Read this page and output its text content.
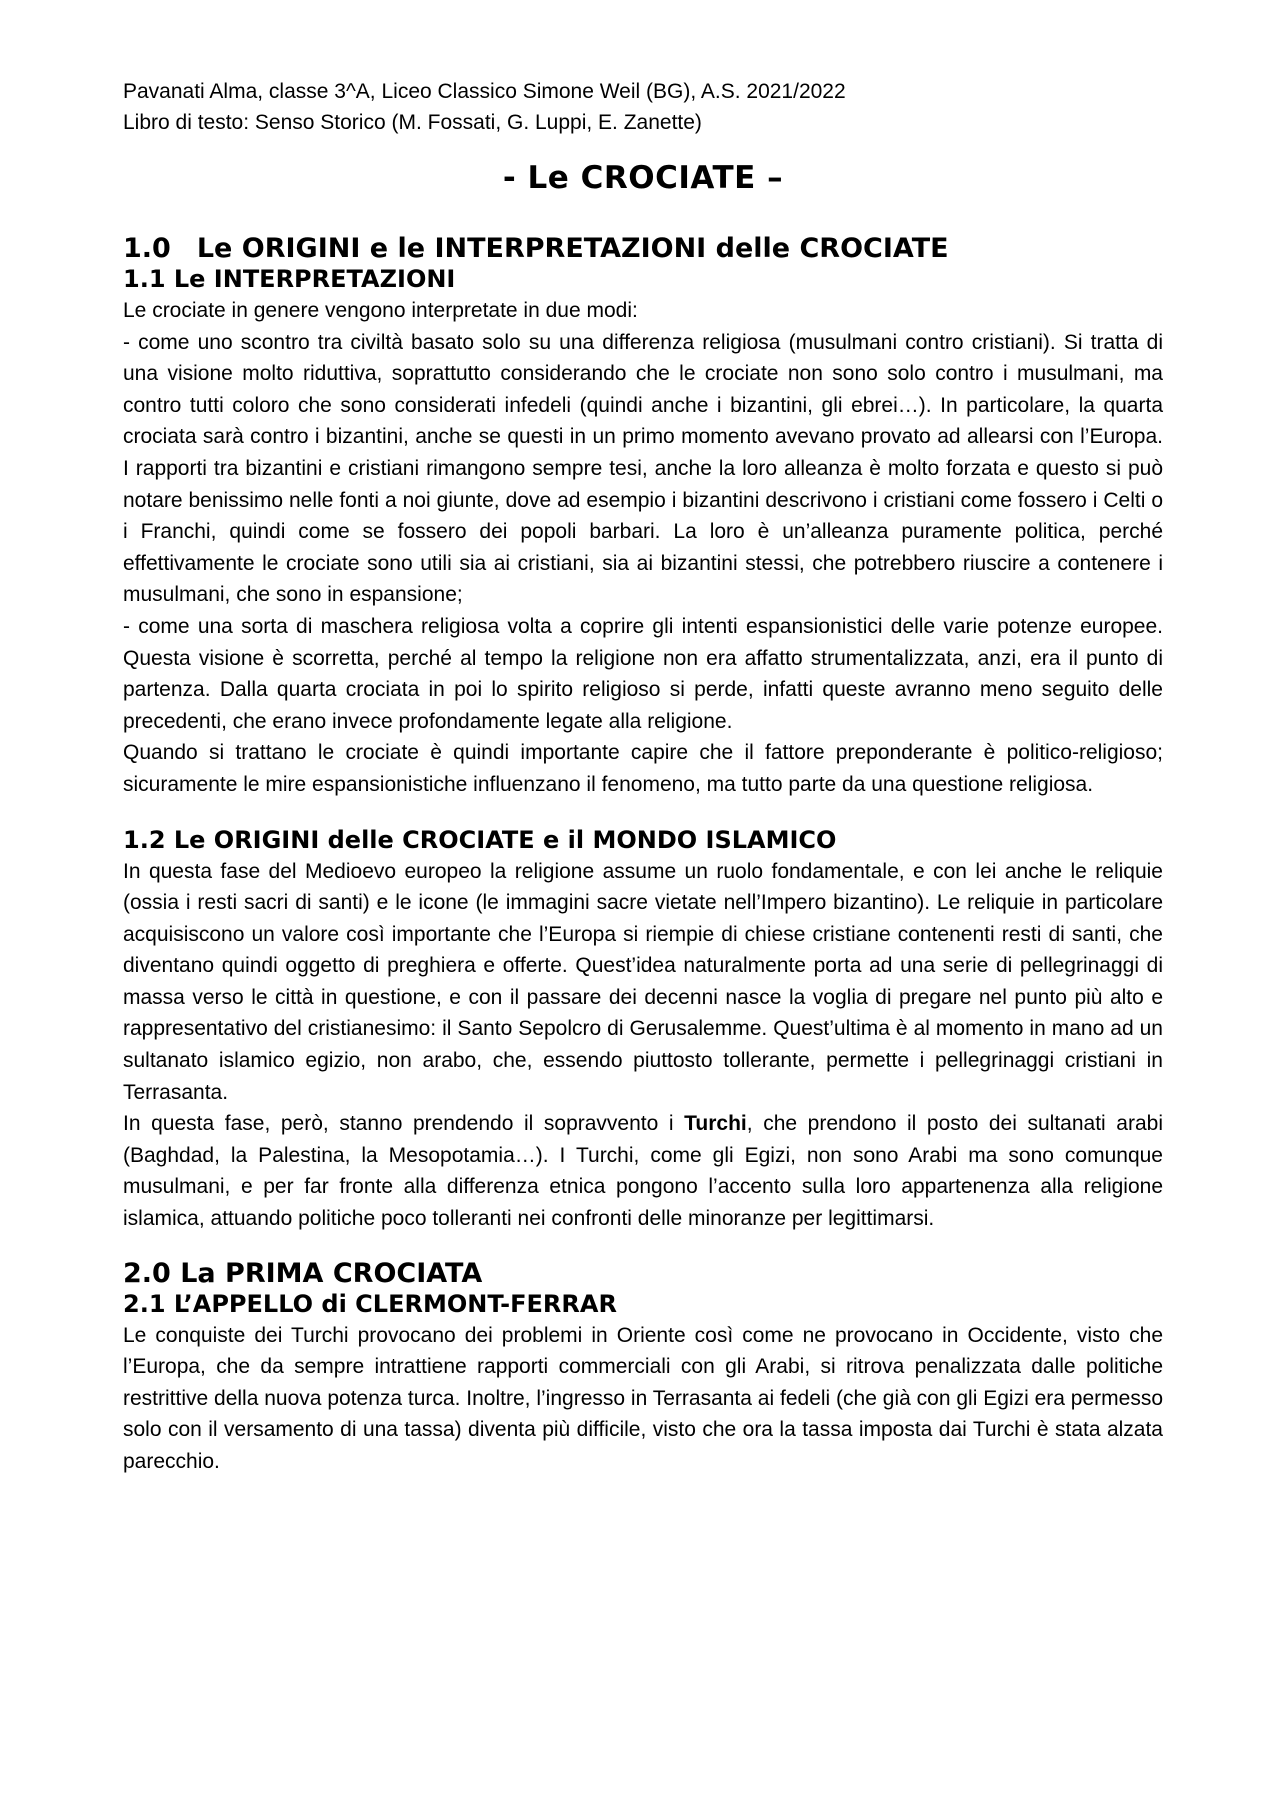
Pavanati Alma, classe 3^A, Liceo Classico Simone Weil (BG), A.S. 2021/2022

Libro di testo: Senso Storico (M. Fossati, G. Luppi, E. Zanette)

- Le CROCIATE –
1.0 Le ORIGINI e le INTERPRETAZIONI delle CROCIATE
1.1 Le INTERPRETAZIONI

Le crociate in genere vengono interpretate in due modi:

- come uno scontro tra civiltà basato solo su una differenza religiosa (musulmani contro cristiani). Si tratta di una visione molto riduttiva, soprattutto considerando che le crociate non sono solo contro i musulmani, ma contro tutti coloro che sono considerati infedeli (quindi anche i bizantini, gli ebrei…). In particolare, la quarta crociata sarà contro i bizantini, anche se questi in un primo momento avevano provato ad allearsi con l’Europa. I rapporti tra bizantini e cristiani rimangono sempre tesi, anche la loro alleanza è molto forzata e questo si può notare benissimo nelle fonti a noi giunte, dove ad esempio i bizantini descrivono i cristiani come fossero i Celti o i Franchi, quindi come se fossero dei popoli barbari. La loro è un’alleanza puramente politica, perché effettivamente le crociate sono utili sia ai cristiani, sia ai bizantini stessi, che potrebbero riuscire a contenere i musulmani, che sono in espansione;

- come una sorta di maschera religiosa volta a coprire gli intenti espansionistici delle varie potenze europee. Questa visione è scorretta, perché al tempo la religione non era affatto strumentalizzata, anzi, era il punto di partenza. Dalla quarta crociata in poi lo spirito religioso si perde, infatti queste avranno meno seguito delle precedenti, che erano invece profondamente legate alla religione.

Quando si trattano le crociate è quindi importante capire che il fattore preponderante è politico-religioso; sicuramente le mire espansionistiche influenzano il fenomeno, ma tutto parte da una questione religiosa.

1.2 Le ORIGINI delle CROCIATE e il MONDO ISLAMICO

In questa fase del Medioevo europeo la religione assume un ruolo fondamentale, e con lei anche le reliquie (ossia i resti sacri di santi) e le icone (le immagini sacre vietate nell’Impero bizantino). Le reliquie in particolare acquisiscono un valore così importante che l’Europa si riempie di chiese cristiane contenenti resti di santi, che diventano quindi oggetto di preghiera e offerte. Quest’idea naturalmente porta ad una serie di pellegrinaggi di massa verso le città in questione, e con il passare dei decenni nasce la voglia di pregare nel punto più alto e rappresentativo del cristianesimo: il Santo Sepolcro di Gerusalemme. Quest’ultima è al momento in mano ad un sultanato islamico egizio, non arabo, che, essendo piuttosto tollerante, permette i pellegrinaggi cristiani in Terrasanta.

In questa fase, però, stanno prendendo il sopravvento i Turchi, che prendono il posto dei sultanati arabi (Baghdad, la Palestina, la Mesopotamia…). I Turchi, come gli Egizi, non sono Arabi ma sono comunque musulmani, e per far fronte alla differenza etnica pongono l’accento sulla loro appartenenza alla religione islamica, attuando politiche poco tolleranti nei confronti delle minoranze per legittimarsi.

2.0 La PRIMA CROCIATA
2.1 L’APPELLO di CLERMONT-FERRAR

Le conquiste dei Turchi provocano dei problemi in Oriente così come ne provocano in Occidente, visto che l’Europa, che da sempre intrattiene rapporti commerciali con gli Arabi, si ritrova penalizzata dalle politiche restrittive della nuova potenza turca. Inoltre, l’ingresso in Terrasanta ai fedeli (che già con gli Egizi era permesso solo con il versamento di una tassa) diventa più difficile, visto che ora la tassa imposta dai Turchi è stata alzata parecchio.
